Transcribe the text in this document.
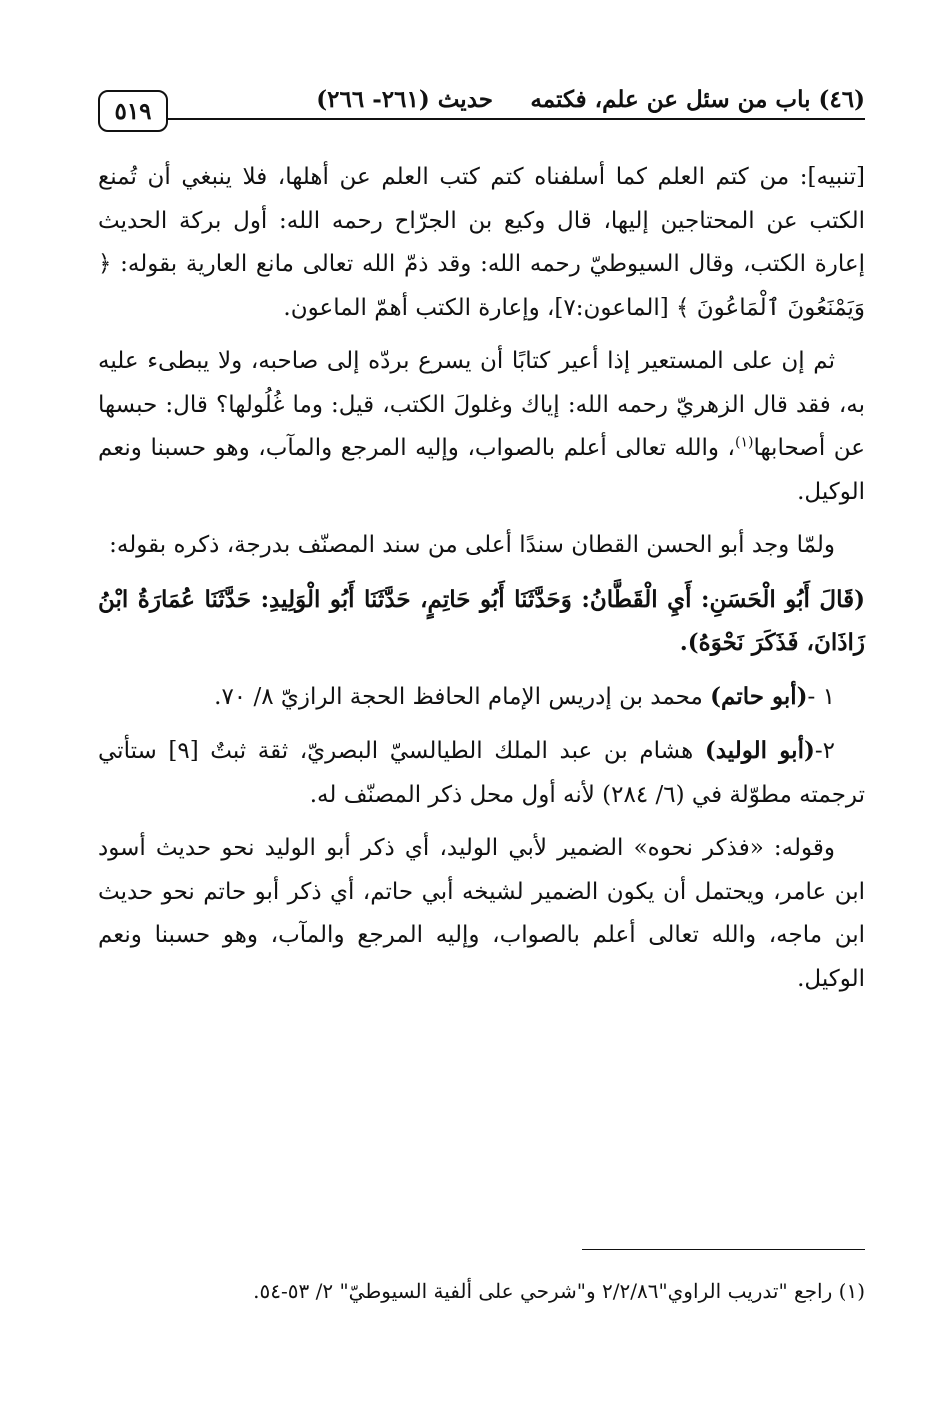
(٤٦) باب من سئل عن علم، فكتمه
حديث (٢٦١- ٢٦٦)
٥١٩

[تنبيه]: من كتم العلم كما أسلفناه كتم كتب العلم عن أهلها، فلا ينبغي أن تُمنع الكتب عن المحتاجين إليها، قال وكيع بن الجرّاح رحمه الله: أول بركة الحديث إعارة الكتب، وقال السيوطيّ رحمه الله: وقد ذمّ الله تعالى مانع العارية بقوله: ﴿ وَيَمْنَعُونَ ٱلْمَاعُونَ ﴾ [الماعون:٧]، وإعارة الكتب أهمّ الماعون.

ثم إن على المستعير إذا أعير كتابًا أن يسرع بردّه إلى صاحبه، ولا يبطىء عليه به، فقد قال الزهريّ رحمه الله: إياك وغلولَ الكتب، قيل: وما غُلُولها؟ قال: حبسها عن أصحابها$^{(١)}$، والله تعالى أعلم بالصواب، وإليه المرجع والمآب، وهو حسبنا ونعم الوكيل.

ولمّا وجد أبو الحسن القطان سندًا أعلى من سند المصنّف بدرجة، ذكره بقوله:

(قَالَ أَبُو الْحَسَنِ: أَيِ الْقَطَّانُ: وَحَدَّثَنَا أَبُو حَاتِمٍ، حَدَّثَنَا أَبُو الْوَلِيدِ: حَدَّثَنَا عُمَارَةُ ابْنُ زَاذَانَ، فَذَكَرَ نَحْوَهُ).

١ -(أبو حاتم) محمد بن إدريس الإمام الحافظ الحجة الرازيّ ٨/ ٧٠.

٢-(أبو الوليد) هشام بن عبد الملك الطيالسيّ البصريّ، ثقة ثبتٌ [٩] ستأتي ترجمته مطوّلة في (٦/ ٢٨٤) لأنه أول محل ذكر المصنّف له.

وقوله: «فذكر نحوه» الضمير لأبي الوليد، أي ذكر أبو الوليد نحو حديث أسود ابن عامر، ويحتمل أن يكون الضمير لشيخه أبي حاتم، أي ذكر أبو حاتم نحو حديث ابن ماجه، والله تعالى أعلم بالصواب، وإليه المرجع والمآب، وهو حسبنا ونعم الوكيل.

(١) راجع "تدريب الراوي"٢/٢/٨٦ و"شرحي على ألفية السيوطيّ" ٢/ ٥٣-٥٤.
